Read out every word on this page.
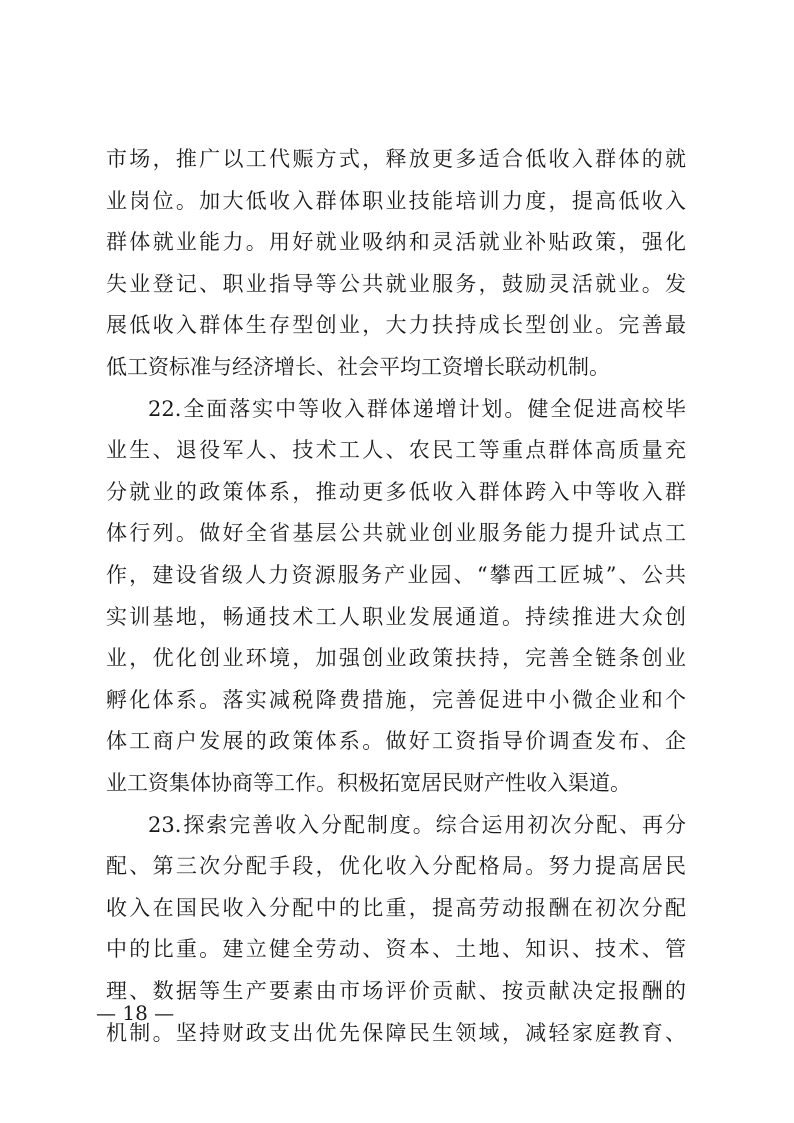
市场，推广以工代赈方式，释放更多适合低收入群体的就
业岗位。加大低收入群体职业技能培训力度，提高低收入
群体就业能力。用好就业吸纳和灵活就业补贴政策，强化
失业登记、职业指导等公共就业服务，鼓励灵活就业。发
展低收入群体生存型创业，大力扶持成长型创业。完善最
低工资标准与经济增长、社会平均工资增长联动机制。
22.全面落实中等收入群体递增计划。健全促进高校毕
业生、退役军人、技术工人、农民工等重点群体高质量充
分就业的政策体系，推动更多低收入群体跨入中等收入群
体行列。做好全省基层公共就业创业服务能力提升试点工
作，建设省级人力资源服务产业园、“攀西工匠城”、公共
实训基地，畅通技术工人职业发展通道。持续推进大众创
业，优化创业环境，加强创业政策扶持，完善全链条创业
孵化体系。落实减税降费措施，完善促进中小微企业和个
体工商户发展的政策体系。做好工资指导价调查发布、企
业工资集体协商等工作。积极拓宽居民财产性收入渠道。
23.探索完善收入分配制度。综合运用初次分配、再分
配、第三次分配手段，优化收入分配格局。努力提高居民
收入在国民收入分配中的比重，提高劳动报酬在初次分配
中的比重。建立健全劳动、资本、土地、知识、技术、管
理、数据等生产要素由市场评价贡献、按贡献决定报酬的
机制。坚持财政支出优先保障民生领域，减轻家庭教育、
— 18 —
